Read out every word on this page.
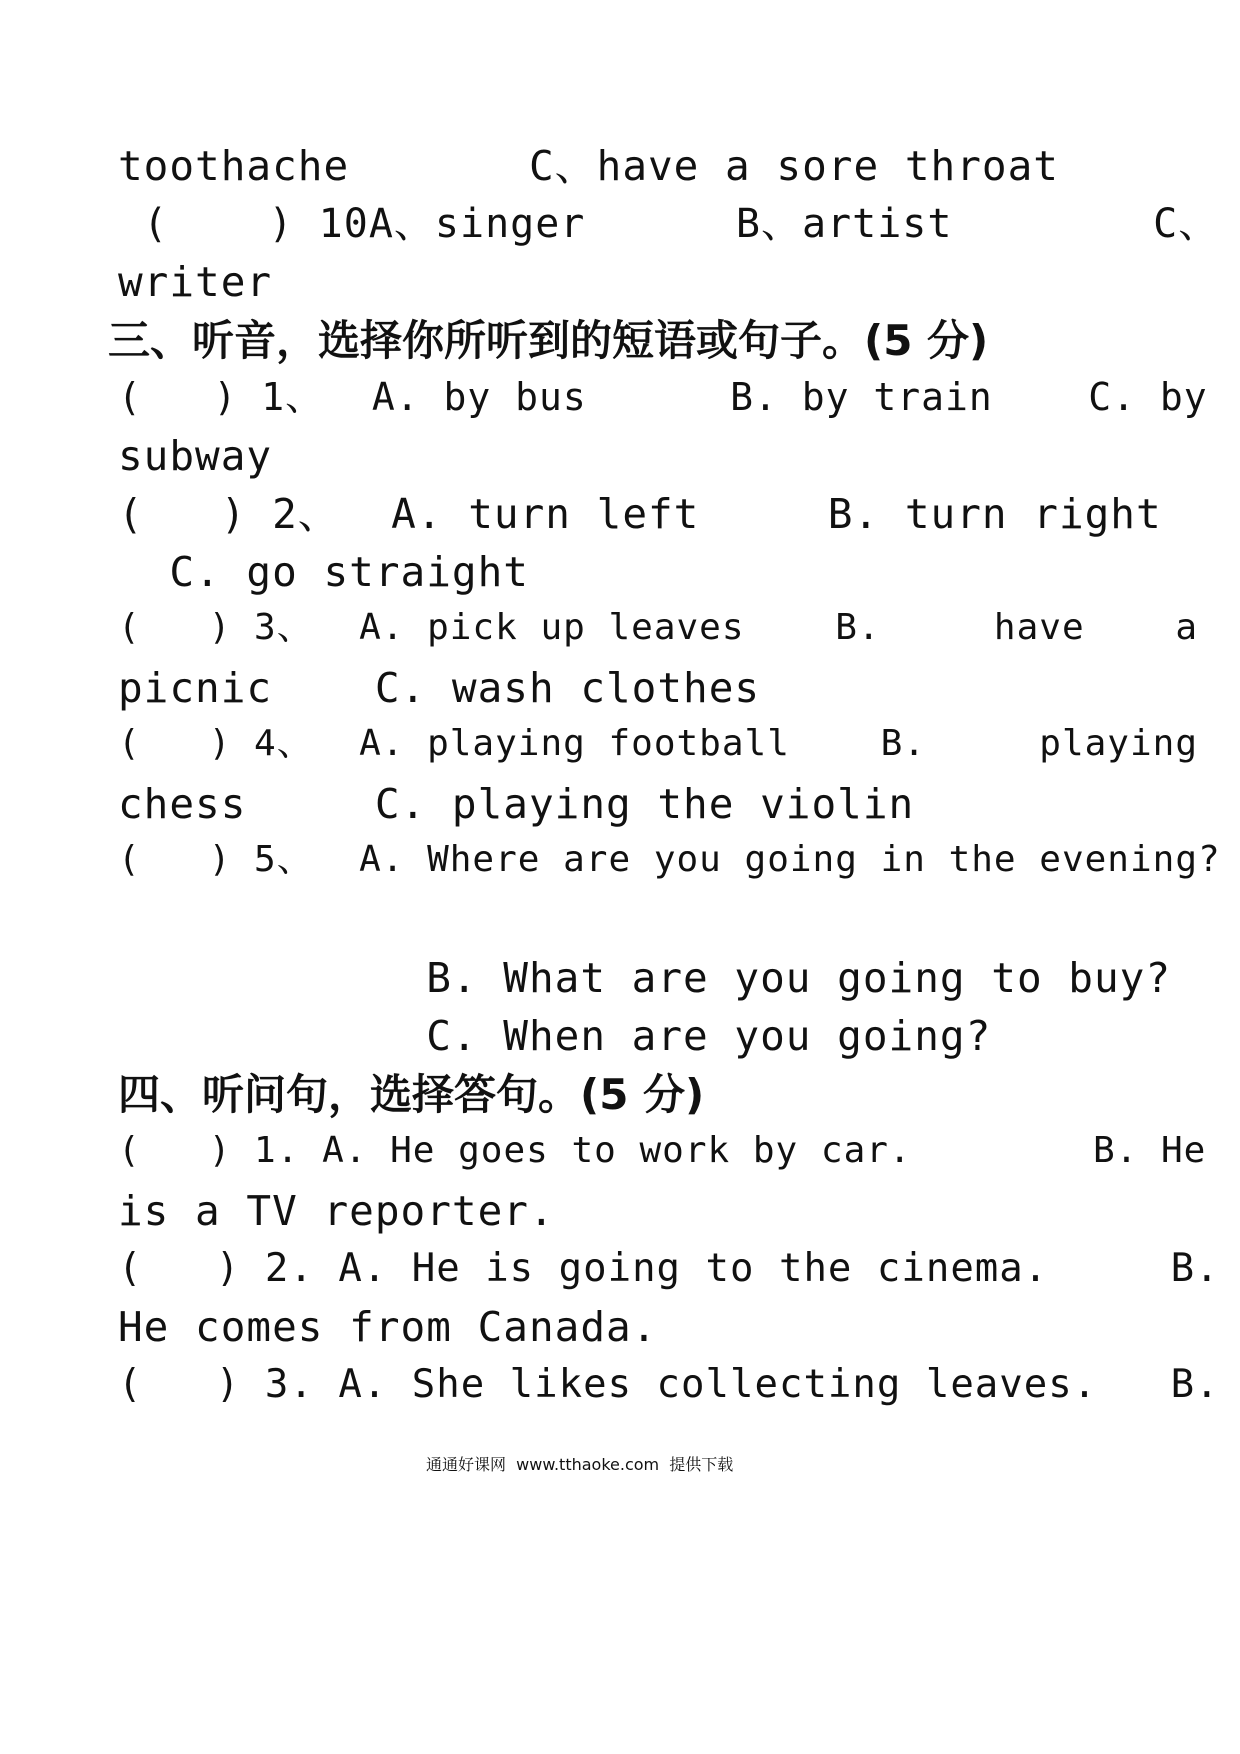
toothache       C、have a sore throat
(    ) 10A、singer      B、artist        C、
writer
三、听音，选择你所听到的短语或句子。(5 分)
(   ) 1、  A. by bus      B. by train    C. by
subway
(   ) 2、  A. turn left     B. turn right
C. go straight
(   ) 3、  A. pick up leaves    B.     have    a
picnic    C. wash clothes
(   ) 4、  A. playing football    B.     playing
chess     C. playing the violin
(   ) 5、  A. Where are you going in the evening?
B. What are you going to buy?
C. When are you going?
四、听问句，选择答句。(5 分)
(   ) 1. A. He goes to work by car.        B. He
is a TV reporter.
(   ) 2. A. He is going to the cinema.     B.
He comes from Canada.
(   ) 3. A. She likes collecting leaves.   B.
通通好课网  www.tthaoke.com  提供下载
